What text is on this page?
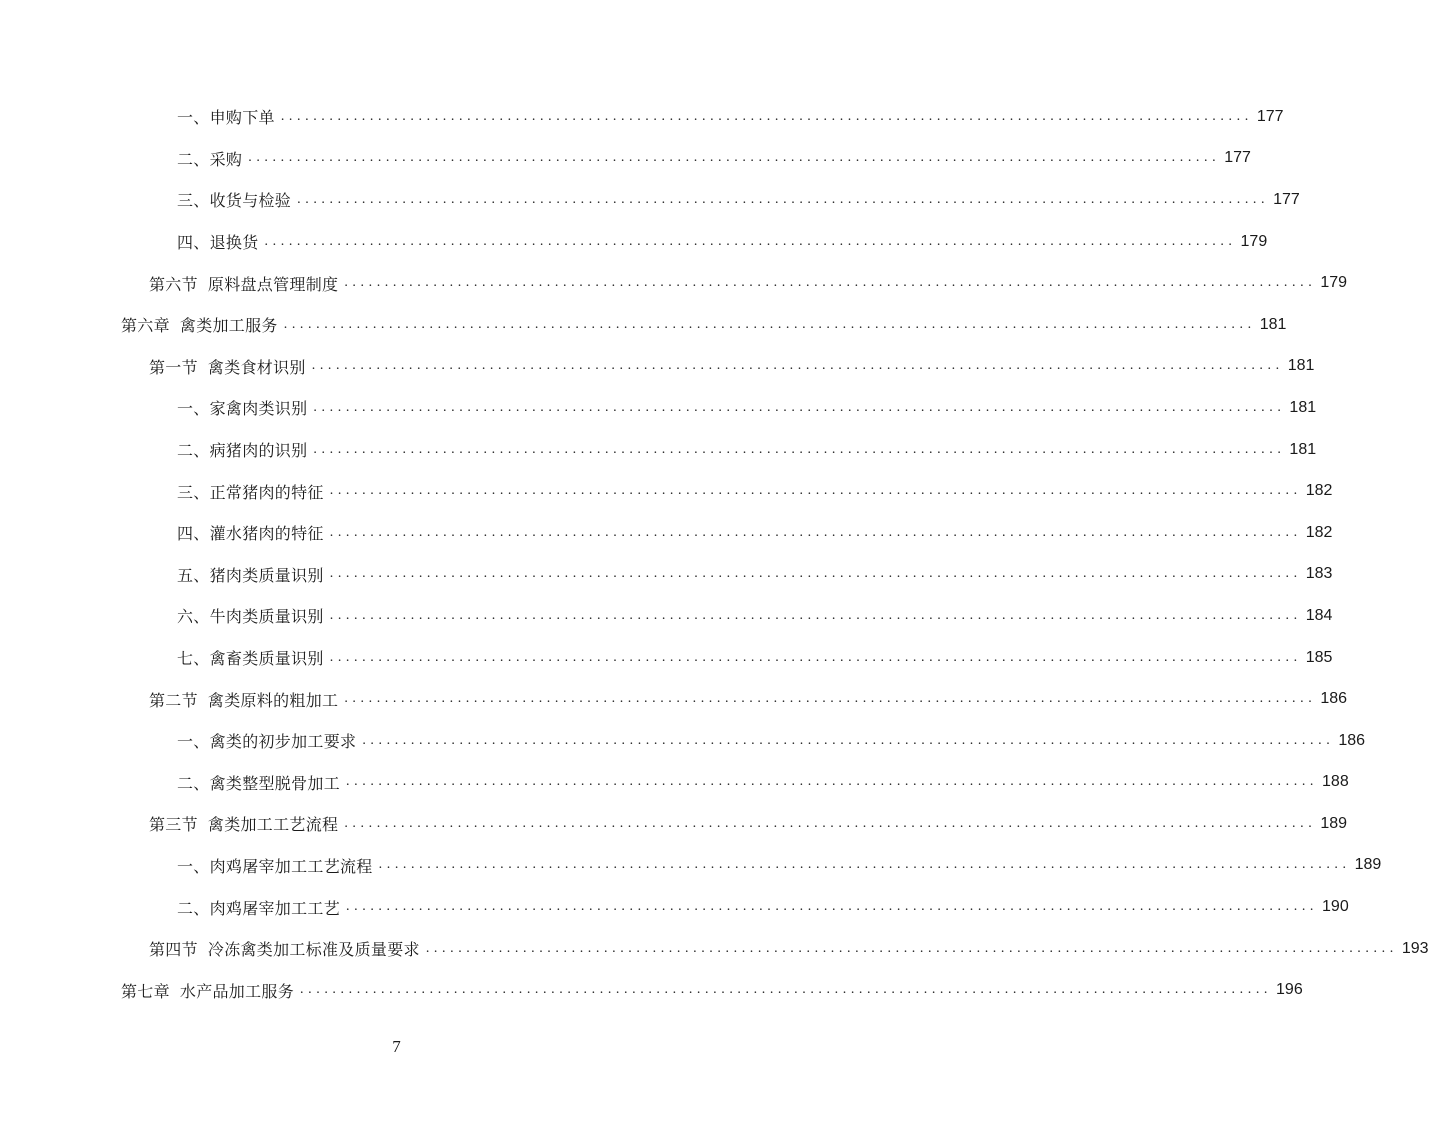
一、申购下单 ........................................................................................................................ 177
二、采购 ........................................................................................................................ 177
三、收货与检验 ........................................................................................................................ 177
四、退换货 ........................................................................................................................ 179
第六节 原料盘点管理制度 ........................................................................................................................ 179
第六章 禽类加工服务 ........................................................................................................................ 181
第一节 禽类食材识别 ........................................................................................................................ 181
一、家禽肉类识别 ........................................................................................................................ 181
二、病猪肉的识别 ........................................................................................................................ 181
三、正常猪肉的特征 ........................................................................................................................ 182
四、灌水猪肉的特征 ........................................................................................................................ 182
五、猪肉类质量识别 ........................................................................................................................ 183
六、牛肉类质量识别 ........................................................................................................................ 184
七、禽畜类质量识别 ........................................................................................................................ 185
第二节 禽类原料的粗加工 ........................................................................................................................ 186
一、禽类的初步加工要求 ........................................................................................................................ 186
二、禽类整型脱骨加工 ........................................................................................................................ 188
第三节 禽类加工工艺流程 ........................................................................................................................ 189
一、肉鸡屠宰加工工艺流程 ........................................................................................................................ 189
二、肉鸡屠宰加工工艺 ........................................................................................................................ 190
第四节 冷冻禽类加工标准及质量要求 ........................................................................................................................ 193
第七章 水产品加工服务 ........................................................................................................................ 196
7
